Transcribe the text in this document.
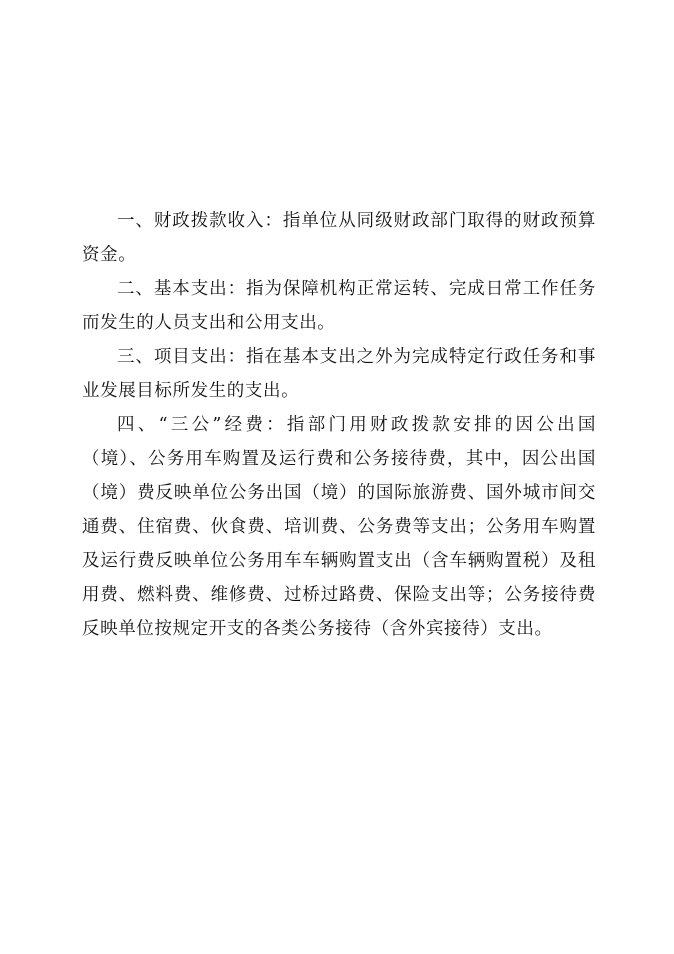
一、财政拨款收入：指单位从同级财政部门取得的财政预算资金。

二、基本支出：指为保障机构正常运转、完成日常工作任务而发生的人员支出和公用支出。

三、项目支出：指在基本支出之外为完成特定行政任务和事业发展目标所发生的支出。

四、“三公”经费：指部门用财政拨款安排的因公出国（境）、公务用车购置及运行费和公务接待费，其中，因公出国（境）费反映单位公务出国（境）的国际旅游费、国外城市间交通费、住宿费、伙食费、培训费、公务费等支出；公务用车购置及运行费反映单位公务用车车辆购置支出（含车辆购置税）及租用费、燃料费、维修费、过桥过路费、保险支出等；公务接待费反映单位按规定开支的各类公务接待（含外宾接待）支出。
